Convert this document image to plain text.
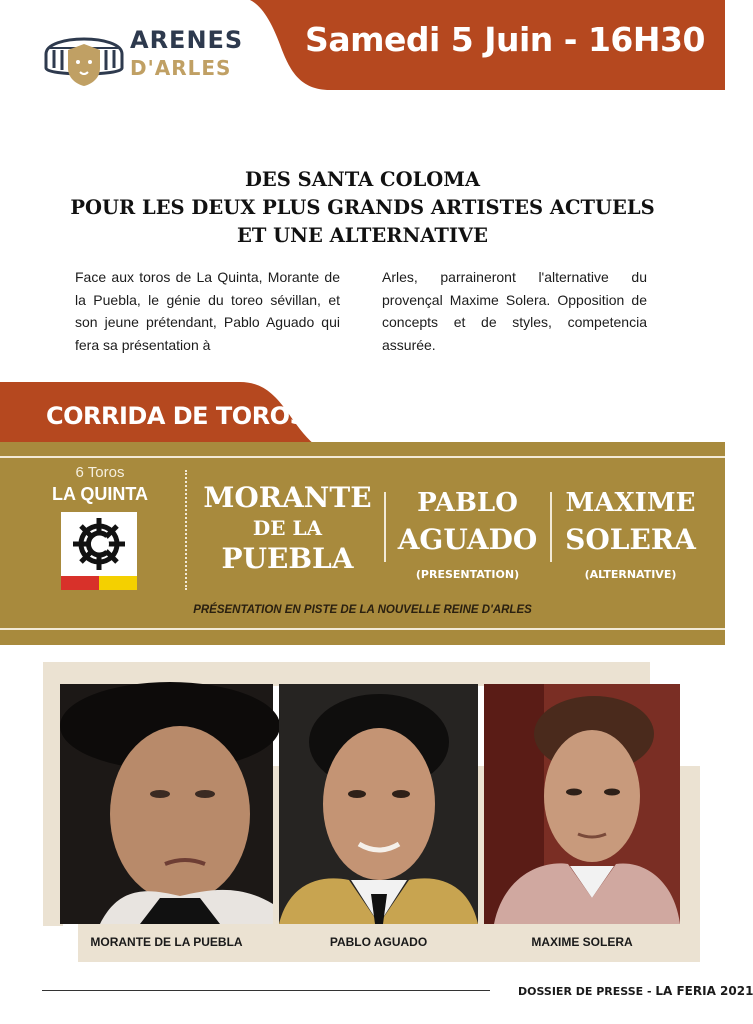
ARENES
D'ARLES
Samedi 5 Juin - 16H30
DES SANTA COLOMA
POUR LES DEUX PLUS GRANDS ARTISTES ACTUELS
ET UNE ALTERNATIVE
Face aux toros de La Quinta, Morante de la Puebla, le génie du toreo sévillan, et son jeune prétendant, Pablo Aguado qui fera sa présentation à
Arles, parraineront l'alternative du provençal Maxime Solera. Opposition de concepts et de styles, competencia assurée.
CORRIDA DE TOROS
6 Toros
LA QUINTA	MORANTE
DE LA
PUEBLA
PABLO
AGUADO
(PRESENTATION)
MAXIME
SOLERA
(ALTERNATIVE)
PRÉSENTATION EN PISTE DE LA NOUVELLE REINE D'ARLES
MORANTE DE LA PUEBLA	PABLO AGUADO	MAXIME SOLERA
DOSSIER DE PRESSE - LA FERIA 2021
